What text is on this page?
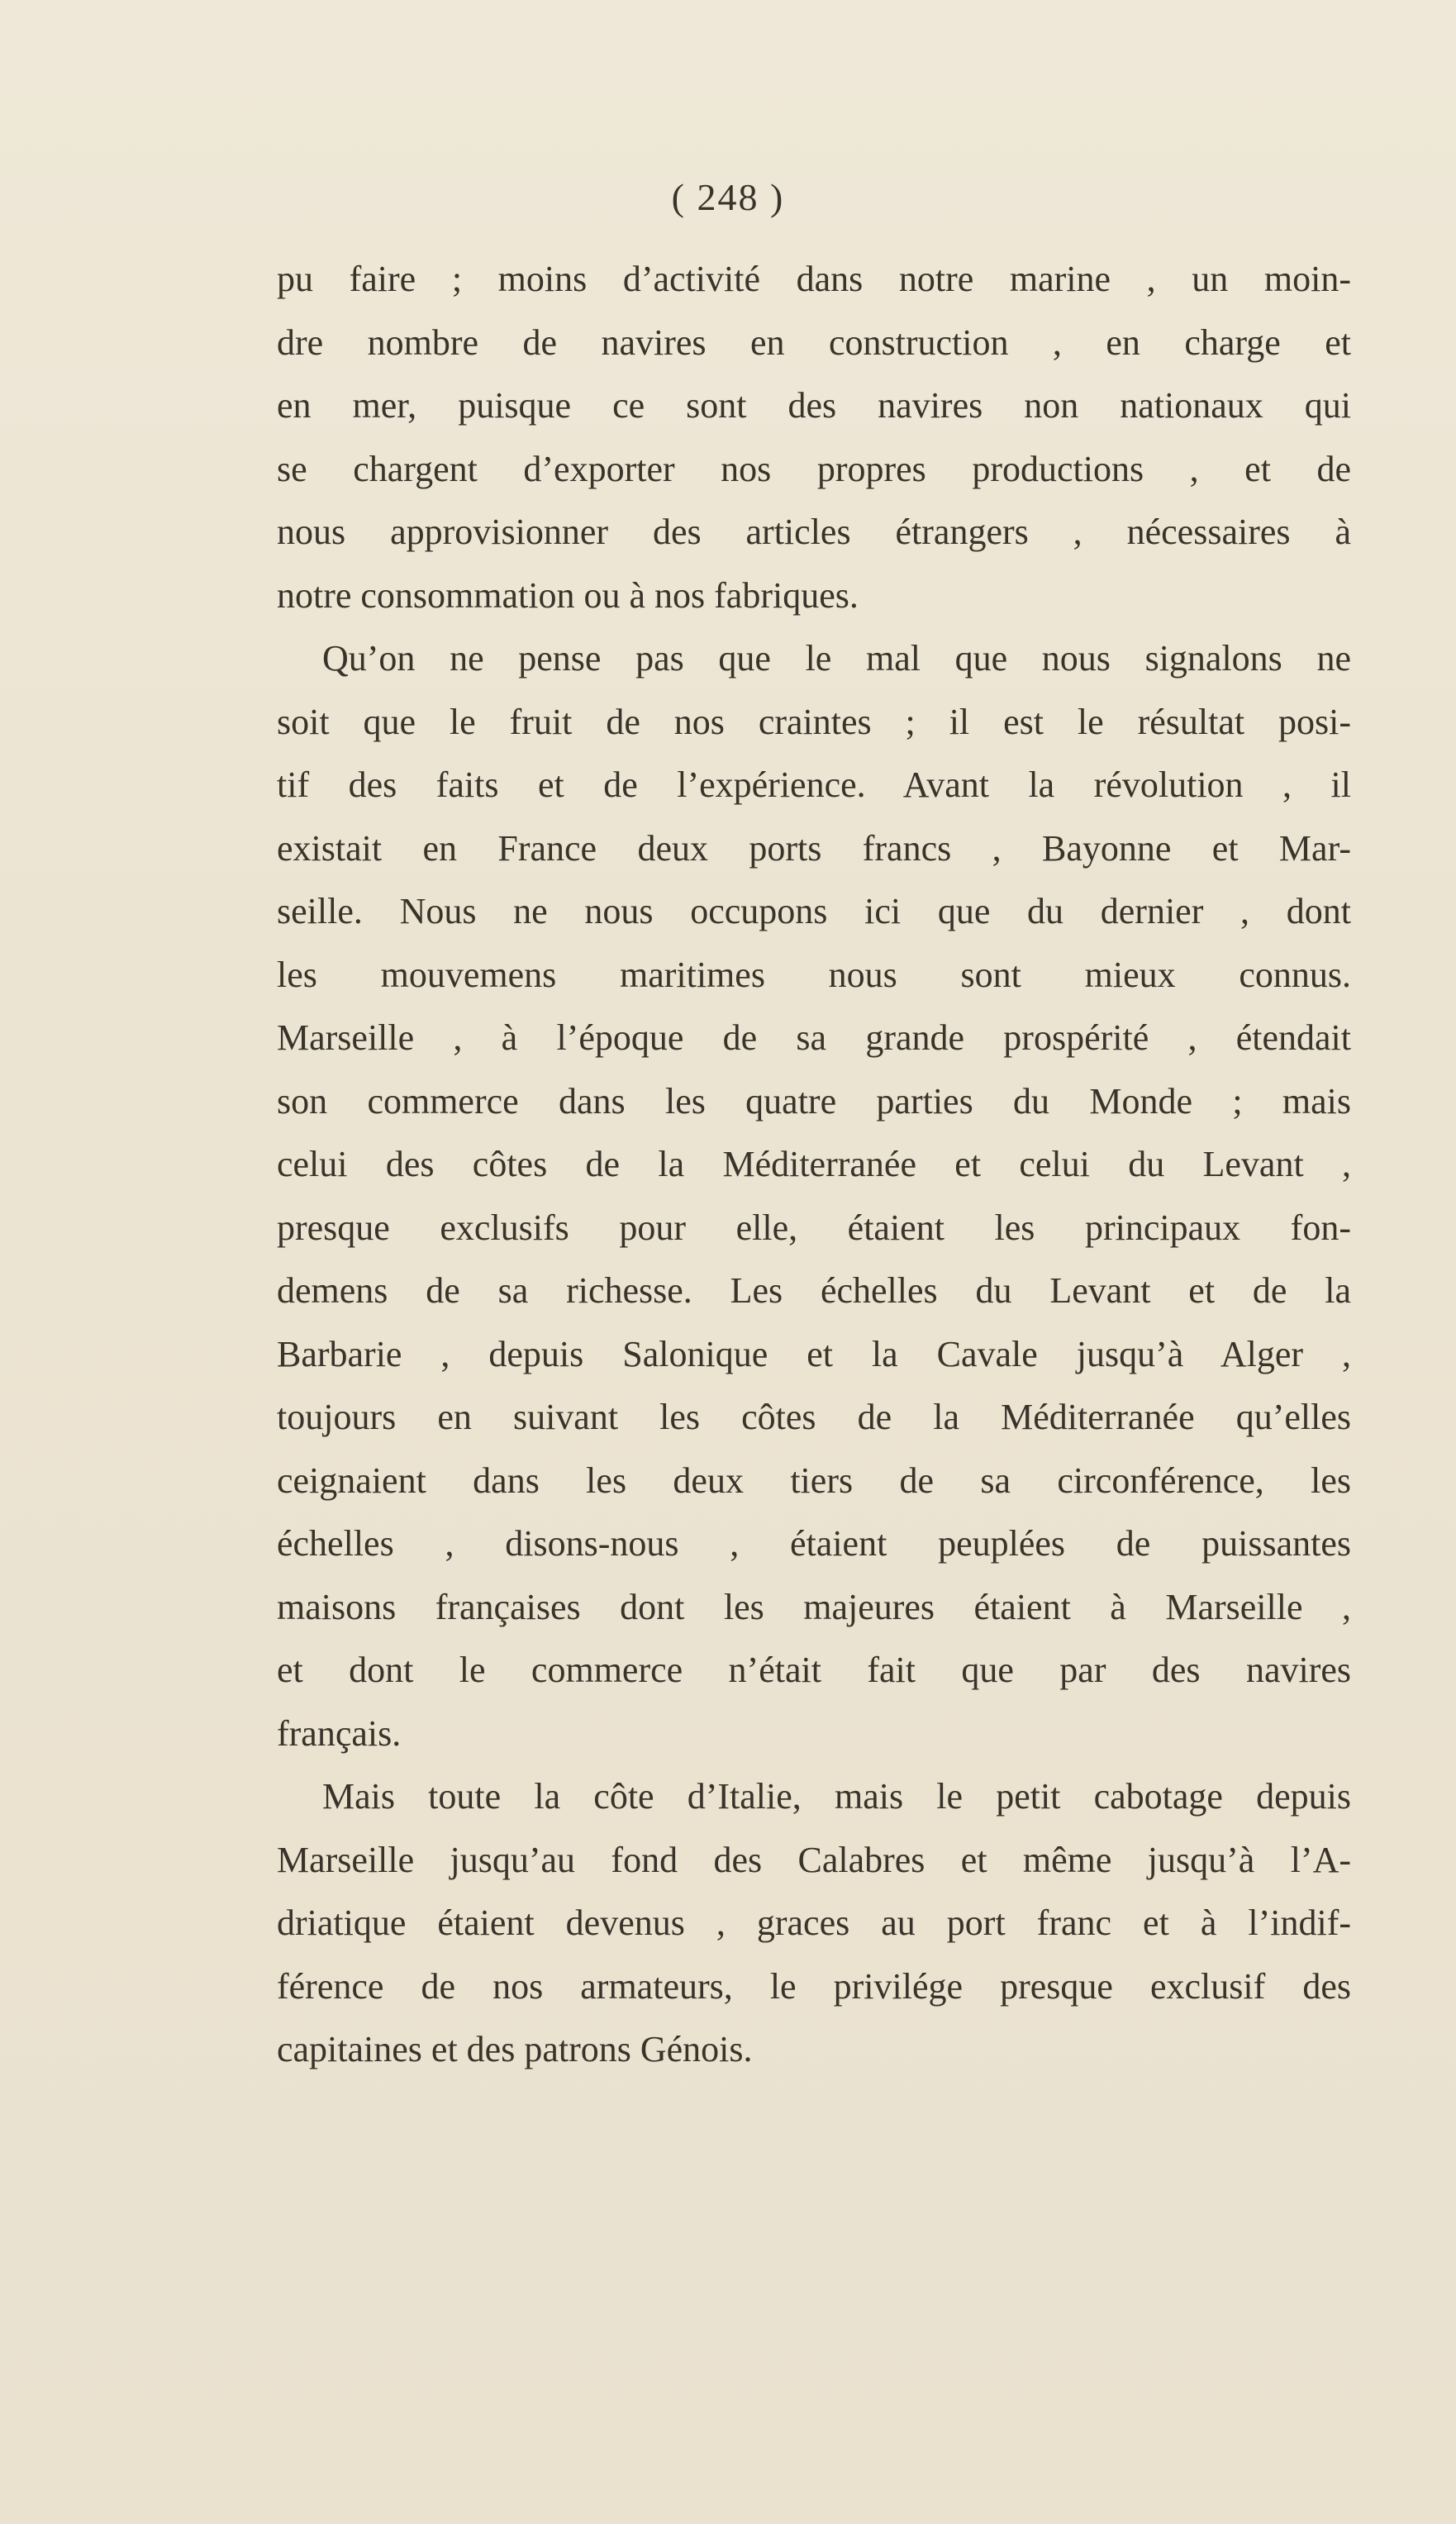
( 248 )
pu faire ; moins d’activité dans notre marine , un moin-
dre nombre de navires en construction , en charge et
en mer, puisque ce sont des navires non nationaux qui
se chargent d’exporter nos propres productions , et de
nous approvisionner des articles étrangers , nécessaires à
notre consommation ou à nos fabriques.
Qu’on ne pense pas que le mal que nous signalons ne
soit que le fruit de nos craintes ; il est le résultat posi-
tif des faits et de l’expérience. Avant la révolution , il
existait en France deux ports francs , Bayonne et Mar-
seille. Nous ne nous occupons ici que du dernier , dont
les mouvemens maritimes nous sont mieux connus.
Marseille , à l’époque de sa grande prospérité , étendait
son commerce dans les quatre parties du Monde ; mais
celui des côtes de la Méditerranée et celui du Levant ,
presque exclusifs pour elle, étaient les principaux fon-
demens de sa richesse. Les échelles du Levant et de la
Barbarie , depuis Salonique et la Cavale jusqu’à Alger ,
toujours en suivant les côtes de la Méditerranée qu’elles
ceignaient dans les deux tiers de sa circonférence, les
échelles , disons-nous , étaient peuplées de puissantes
maisons françaises dont les majeures étaient à Marseille ,
et dont le commerce n’était fait que par des navires
français.
Mais toute la côte d’Italie, mais le petit cabotage depuis
Marseille jusqu’au fond des Calabres et même jusqu’à l’A-
driatique étaient devenus , graces au port franc et à l’indif-
férence de nos armateurs, le privilége presque exclusif des
capitaines et des patrons Génois.
